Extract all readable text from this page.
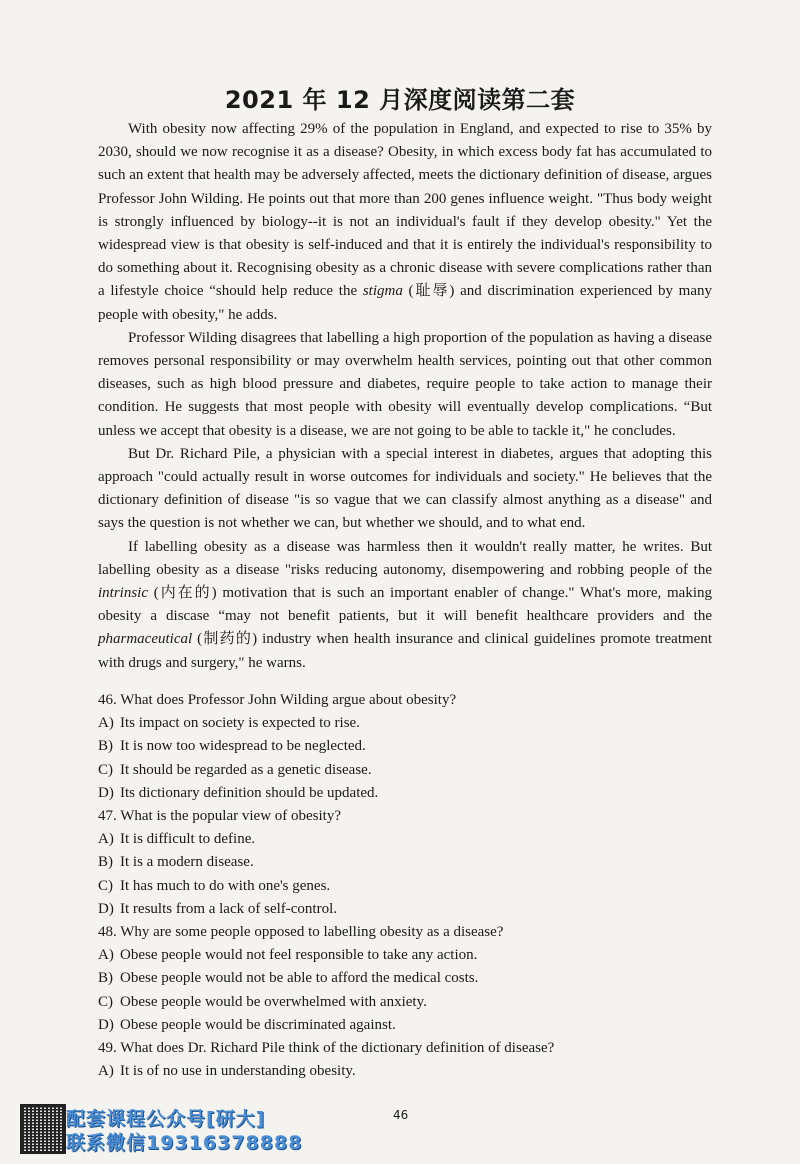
2021 年 12 月深度阅读第二套

With obesity now affecting 29% of the population in England, and expected to rise to 35% by 2030, should we now recognise it as a disease? Obesity, in which excess body fat has accumulated to such an extent that health may be adversely affected, meets the dictionary definition of disease, argues Professor John Wilding. He points out that more than 200 genes influence weight. "Thus body weight is strongly influenced by biology--it is not an individual's fault if they develop obesity." Yet the widespread view is that obesity is self-induced and that it is entirely the individual's responsibility to do something about it. Recognising obesity as a chronic disease with severe complications rather than a lifestyle choice “should help reduce the stigma (耻辱) and discrimination experienced by many people with obesity," he adds.

Professor Wilding disagrees that labelling a high proportion of the population as having a disease removes personal responsibility or may overwhelm health services, pointing out that other common diseases, such as high blood pressure and diabetes, require people to take action to manage their condition. He suggests that most people with obesity will eventually develop complications. “But unless we accept that obesity is a disease, we are not going to be able to tackle it," he concludes.

But Dr. Richard Pile, a physician with a special interest in diabetes, argues that adopting this approach "could actually result in worse outcomes for individuals and society." He believes that the dictionary definition of disease "is so vague that we can classify almost anything as a disease" and says the question is not whether we can, but whether we should, and to what end.

If labelling obesity as a disease was harmless then it wouldn't really matter, he writes. But labelling obesity as a disease "risks reducing autonomy, disempowering and robbing people of the intrinsic (内在的) motivation that is such an important enabler of change." What's more, making obesity a discase “may not benefit patients, but it will benefit healthcare providers and the pharmaceutical (制药的) industry when health insurance and clinical guidelines promote treatment with drugs and surgery," he warns.

46. What does Professor John Wilding argue about obesity?

A) Its impact on society is expected to rise.

B) It is now too widespread to be neglected.

C) It should be regarded as a genetic disease.

D) Its dictionary definition should be updated.

47. What is the popular view of obesity?

A) It is difficult to define.

B) It is a modern disease.

C) It has much to do with one's genes.

D) It results from a lack of self-control.

48. Why are some people opposed to labelling obesity as a disease?

A) Obese people would not feel responsible to take any action.

B) Obese people would not be able to afford the medical costs.

C) Obese people would be overwhelmed with anxiety.

D) Obese people would be discriminated against.

49. What does Dr. Richard Pile think of the dictionary definition of disease?

A) It is of no use in understanding obesity.

46
配套课程公众号[研大]
联系微信19316378888
